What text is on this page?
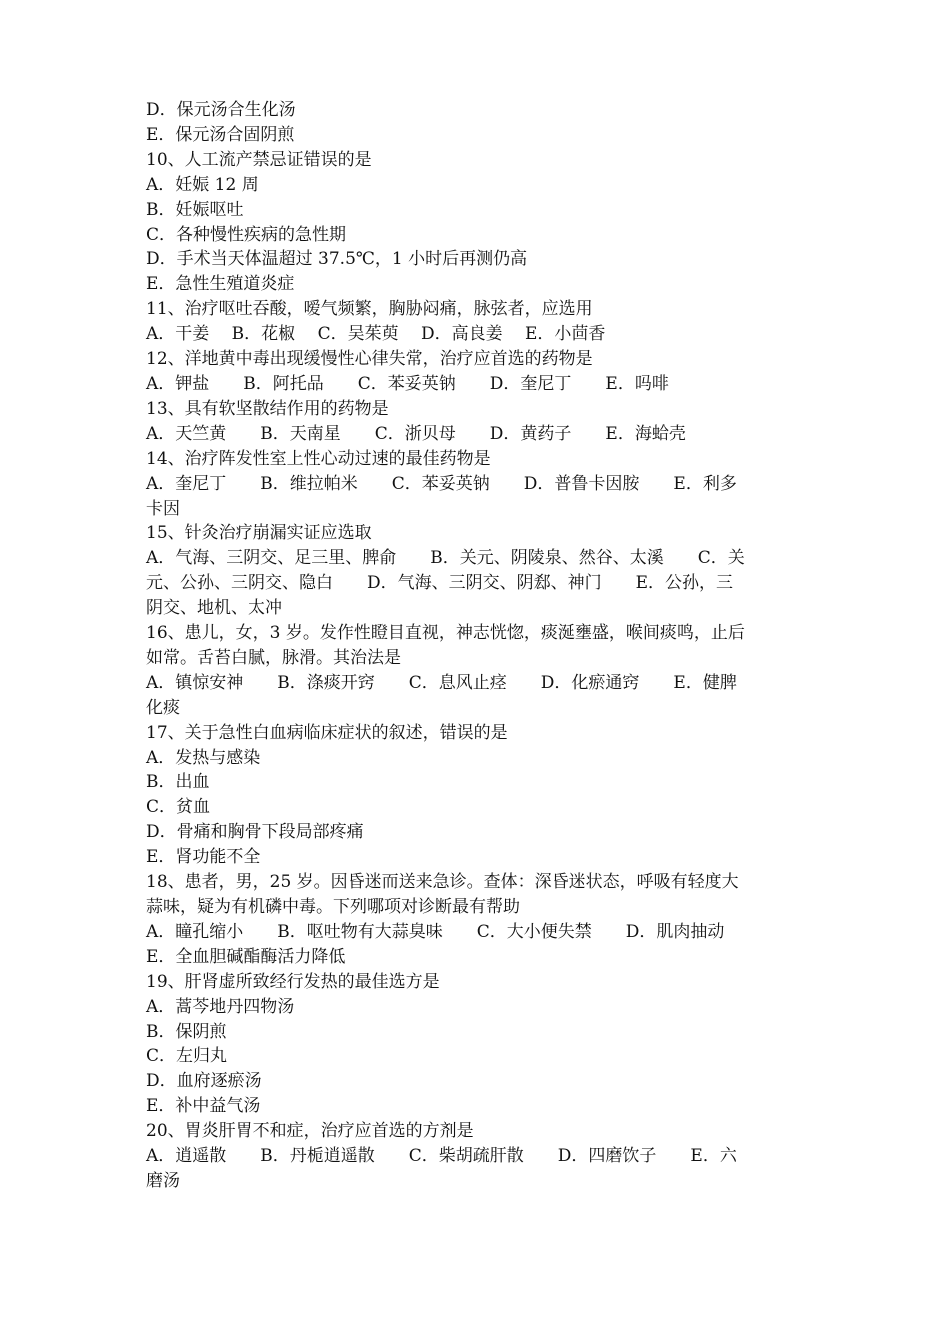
D．保元汤合生化汤

E．保元汤合固阴煎

10、人工流产禁忌证错误的是

A．妊娠 12 周

B．妊娠呕吐

C．各种慢性疾病的急性期

D．手术当天体温超过 37.5℃，1 小时后再测仍高

E．急性生殖道炎症

11、治疗呕吐吞酸，嗳气频繁，胸胁闷痛，脉弦者，应选用

A．干姜　 B．花椒　 C．吴茱萸　 D．高良姜　 E．小茴香

12、洋地黄中毒出现缓慢性心律失常，治疗应首选的药物是

A．钾盐　　B．阿托品　　C．苯妥英钠　　D．奎尼丁　　E．吗啡

13、具有软坚散结作用的药物是

A．天竺黄　　B．天南星　　C．浙贝母　　D．黄药子　　E．海蛤壳

14、治疗阵发性室上性心动过速的最佳药物是

A．奎尼丁　　B．维拉帕米　　C．苯妥英钠　　D．普鲁卡因胺　　E．利多

卡因

15、针灸治疗崩漏实证应选取

A．气海、三阴交、足三里、脾俞　　B．关元、阴陵泉、然谷、太溪　　C．关

元、公孙、三阴交、隐白　　D．气海、三阴交、阴郄、神门　　E．公孙，三

阴交、地机、太冲

16、患儿，女，3 岁。发作性瞪目直视，神志恍惚，痰涎壅盛，喉间痰鸣，止后

如常。舌苔白腻，脉滑。其治法是

A．镇惊安神　　B．涤痰开窍　　C．息风止痉　　D．化瘀通窍　　E．健脾

化痰

17、关于急性白血病临床症状的叙述，错误的是

A．发热与感染

B．出血

C．贫血

D．骨痛和胸骨下段局部疼痛

E．肾功能不全

18、患者，男，25 岁。因昏迷而送来急诊。查体：深昏迷状态，呼吸有轻度大

蒜味，疑为有机磷中毒。下列哪项对诊断最有帮助

A．瞳孔缩小　　B．呕吐物有大蒜臭味　　C．大小便失禁　　D．肌肉抽动

E．全血胆碱酯酶活力降低

19、肝肾虚所致经行发热的最佳选方是

A．蒿芩地丹四物汤

B．保阴煎

C．左归丸

D．血府逐瘀汤

E．补中益气汤

20、胃炎肝胃不和症，治疗应首选的方剂是

A．逍遥散　　B．丹栀逍遥散　　C．柴胡疏肝散　　D．四磨饮子　　E．六

磨汤
